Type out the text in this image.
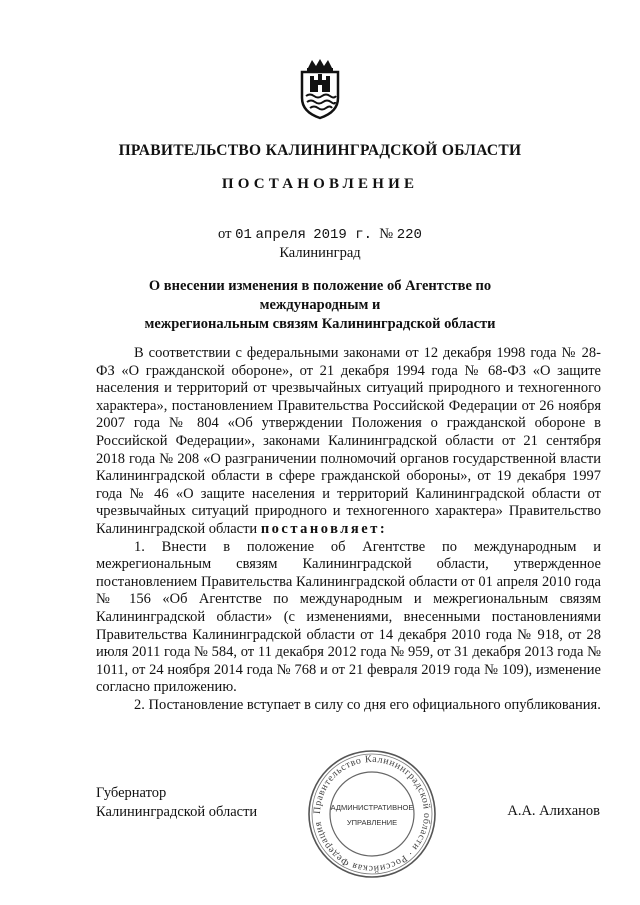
ПРАВИТЕЛЬСТВО КАЛИНИНГРАДСКОЙ ОБЛАСТИ
ПОСТАНОВЛЕНИЕ
от 01 апреля 2019 г. № 220
Калининград
О внесении изменения в положение об Агентстве по международным и
межрегиональным связям Калининградской области

В соответствии с федеральными законами от 12 декабря 1998 года № 28-ФЗ «О гражданской обороне», от 21 декабря 1994 года № 68-ФЗ «О защите населения и территорий от чрезвычайных ситуаций природного и техногенного характера», постановлением Правительства Российской Федерации от 26 ноября 2007 года № 804 «Об утверждении Положения о гражданской обороне в Российской Федерации», законами Калининградской области от 21 сентября 2018 года № 208 «О разграничении полномочий органов государственной власти Калининградской области в сфере гражданской обороны», от 19 декабря 1997 года № 46 «О защите населения и территорий Калининградской области от чрезвычайных ситуаций природного и техногенного характера» Правительство Калининградской области постановляет:

1. Внести в положение об Агентстве по международным и межрегиональным связям Калининградской области, утвержденное постановлением Правительства Калининградской области от 01 апреля 2010 года № 156 «Об Агентстве по международным и межрегиональным связям Калининградской области» (с изменениями, внесенными постановлениями Правительства Калининградской области от 14 декабря 2010 года № 918, от 28 июля 2011 года № 584, от 11 декабря 2012 года № 959, от 31 декабря 2013 года № 1011, от 24 ноября 2014 года № 768 и от 21 февраля 2019 года № 109), изменение согласно приложению.

2. Постановление вступает в силу со дня его официального опубликования.

Губернатор
Калининградской области	Правительство Калининградской области · Российская Федерация
АДМИНИСТРАТИВНОЕ
УПРАВЛЕНИЕ
А.А. Алиханов
